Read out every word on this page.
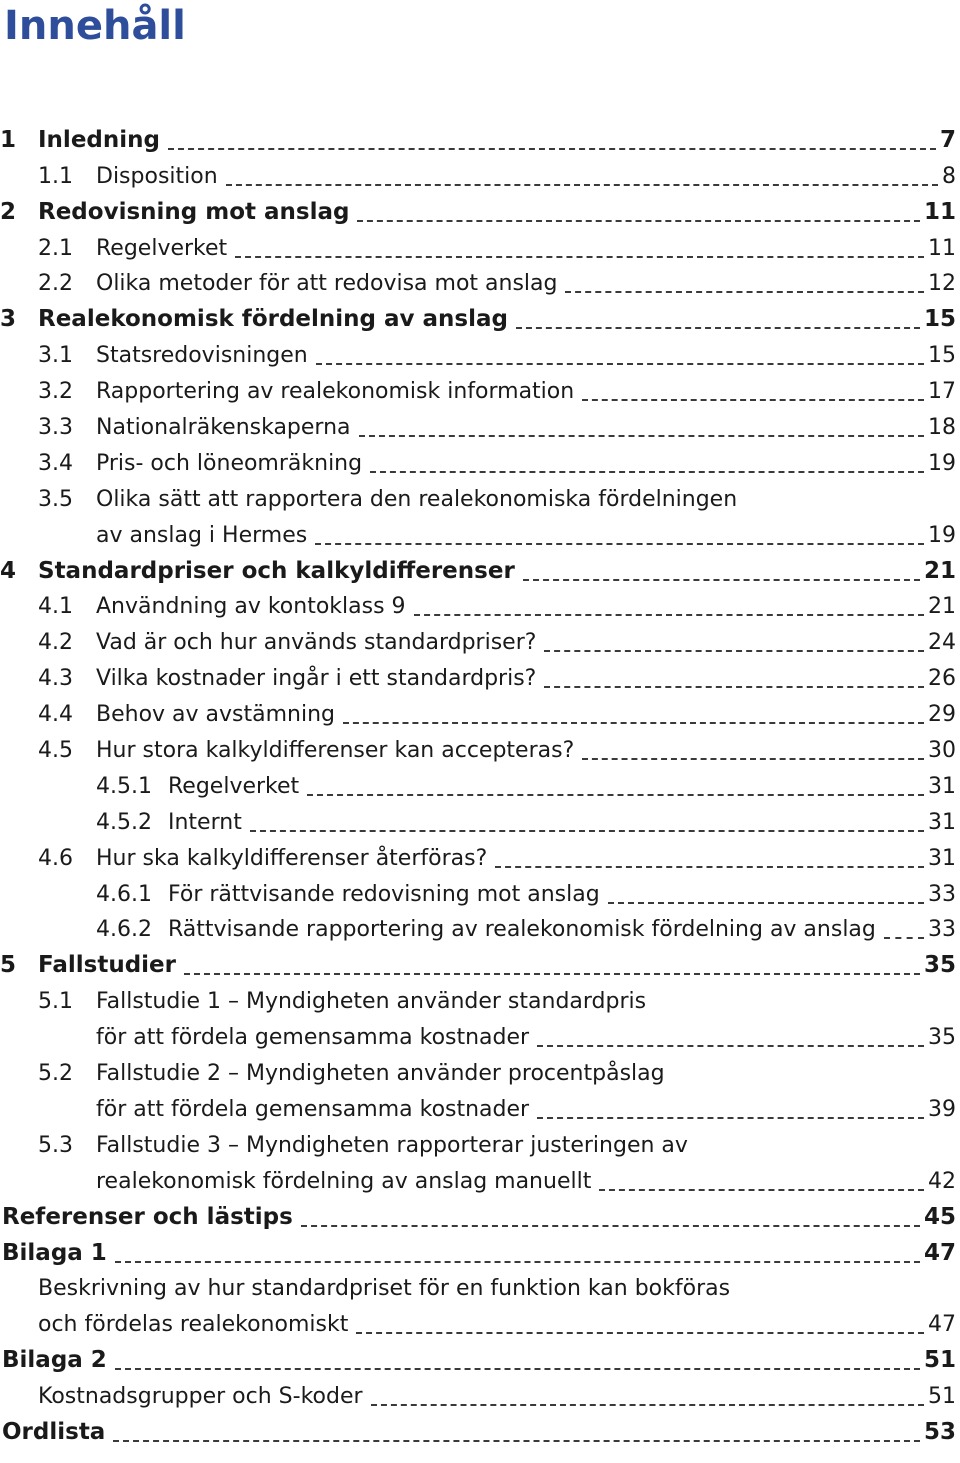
Innehåll
1 Inledning	7
1.1	Disposition	8
2 Redovisning mot anslag	11
2.1	Regelverket	11
2.2	Olika metoder för att redovisa mot anslag	12
3 Realekonomisk fördelning av anslag	15
3.1	Statsredovisningen	15
3.2	Rapportering av realekonomisk information	17
3.3	Nationalräkenskaperna	18
3.4	Pris- och löneomräkning	19
3.5	Olika sätt att rapportera den realekonomiska fördelningen
av anslag i Hermes	19
4 Standardpriser och kalkyldifferenser	21
4.1	Användning av kontoklass 9	21
4.2	Vad är och hur används standardpriser?	24
4.3	Vilka kostnader ingår i ett standardpris?	26
4.4	Behov av avstämning	29
4.5	Hur stora kalkyldifferenser kan accepteras?	30
4.5.1 Regelverket	31
4.5.2 Internt	31
4.6	Hur ska kalkyldifferenser återföras?	31
4.6.1 För rättvisande redovisning mot anslag	33
4.6.2 Rättvisande rapportering av realekonomisk fördelning av anslag 33
5 Fallstudier	35
5.1	Fallstudie 1 – Myndigheten använder standardpris
för att fördela gemensamma kostnader	35
5.2	Fallstudie 2 – Myndigheten använder procentpåslag
för att fördela gemensamma kostnader	39
5.3	Fallstudie 3 – Myndigheten rapporterar justeringen av
realekonomisk fördelning av anslag manuellt	42
Referenser och lästips	45
Bilaga 1	47
Beskrivning av hur standardpriset för en funktion kan bokföras
och fördelas realekonomiskt	47
Bilaga 2	51
Kostnadsgrupper och S-koder	51
Ordlista	53
